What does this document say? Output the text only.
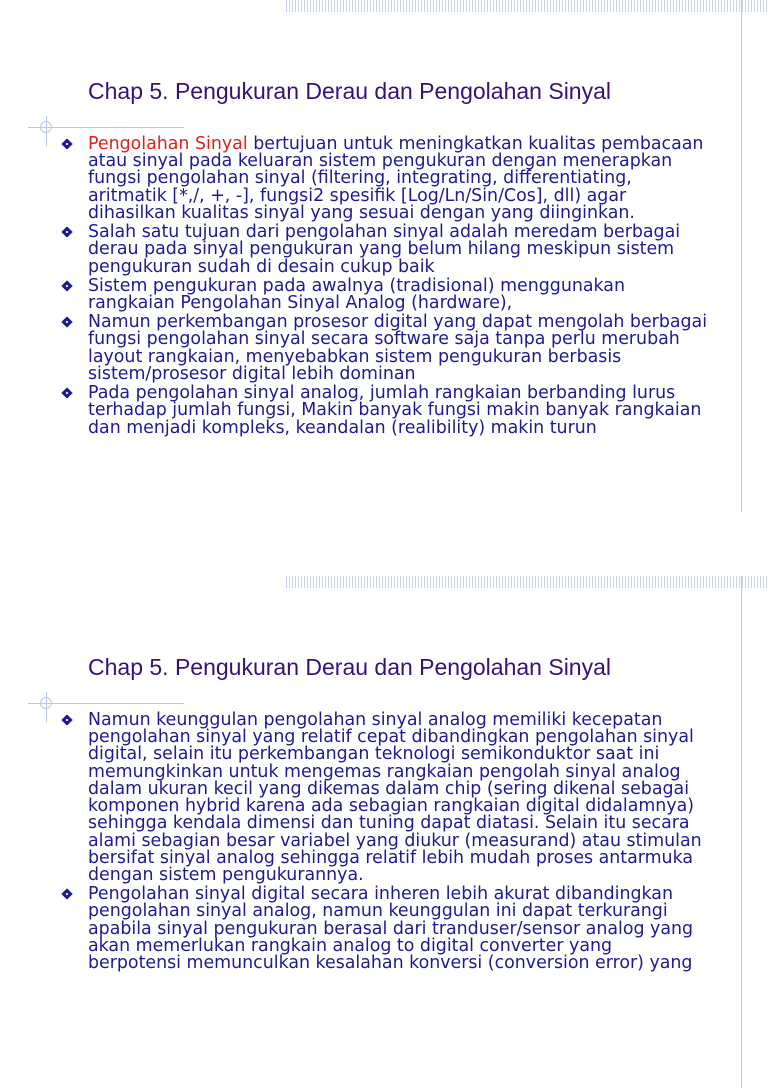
Chap 5. Pengukuran Derau dan Pengolahan Sinyal
Pengolahan Sinyal bertujuan untuk meningkatkan kualitas pembacaan
atau sinyal pada keluaran sistem pengukuran dengan menerapkan
fungsi pengolahan sinyal (filtering, integrating, differentiating,
aritmatik [*,/, +, -], fungsi2 spesifik [Log/Ln/Sin/Cos], dll) agar
dihasilkan kualitas sinyal yang sesuai dengan yang diinginkan.
Salah satu tujuan dari pengolahan sinyal adalah meredam berbagai
derau pada sinyal pengukuran yang belum hilang meskipun sistem
pengukuran sudah di desain cukup baik
Sistem pengukuran pada awalnya (tradisional) menggunakan
rangkaian Pengolahan Sinyal Analog (hardware),
Namun perkembangan prosesor digital yang dapat mengolah berbagai
fungsi pengolahan sinyal secara software saja tanpa perlu merubah
layout rangkaian, menyebabkan sistem pengukuran berbasis
sistem/prosesor digital lebih dominan
Pada pengolahan sinyal analog, jumlah rangkaian berbanding lurus
terhadap jumlah fungsi, Makin banyak fungsi makin banyak rangkaian
dan menjadi kompleks, keandalan (realibility) makin turun
Chap 5. Pengukuran Derau dan Pengolahan Sinyal
Namun keunggulan pengolahan sinyal analog memiliki kecepatan
pengolahan sinyal yang relatif cepat dibandingkan pengolahan sinyal
digital, selain itu perkembangan teknologi semikonduktor saat ini
memungkinkan untuk mengemas rangkaian pengolah sinyal analog
dalam ukuran kecil yang dikemas dalam chip (sering dikenal sebagai
komponen hybrid karena ada sebagian rangkaian digital didalamnya)
sehingga kendala dimensi dan tuning dapat diatasi. Selain itu secara
alami sebagian besar variabel yang diukur (measurand) atau stimulan
bersifat sinyal analog sehingga relatif lebih mudah proses antarmuka
dengan sistem pengukurannya.
Pengolahan sinyal digital secara inheren lebih akurat dibandingkan
pengolahan sinyal analog, namun keunggulan ini dapat terkurangi
apabila sinyal pengukuran berasal dari tranduser/sensor analog yang
akan memerlukan rangkain analog to digital converter yang
berpotensi memunculkan kesalahan konversi (conversion error) yang
